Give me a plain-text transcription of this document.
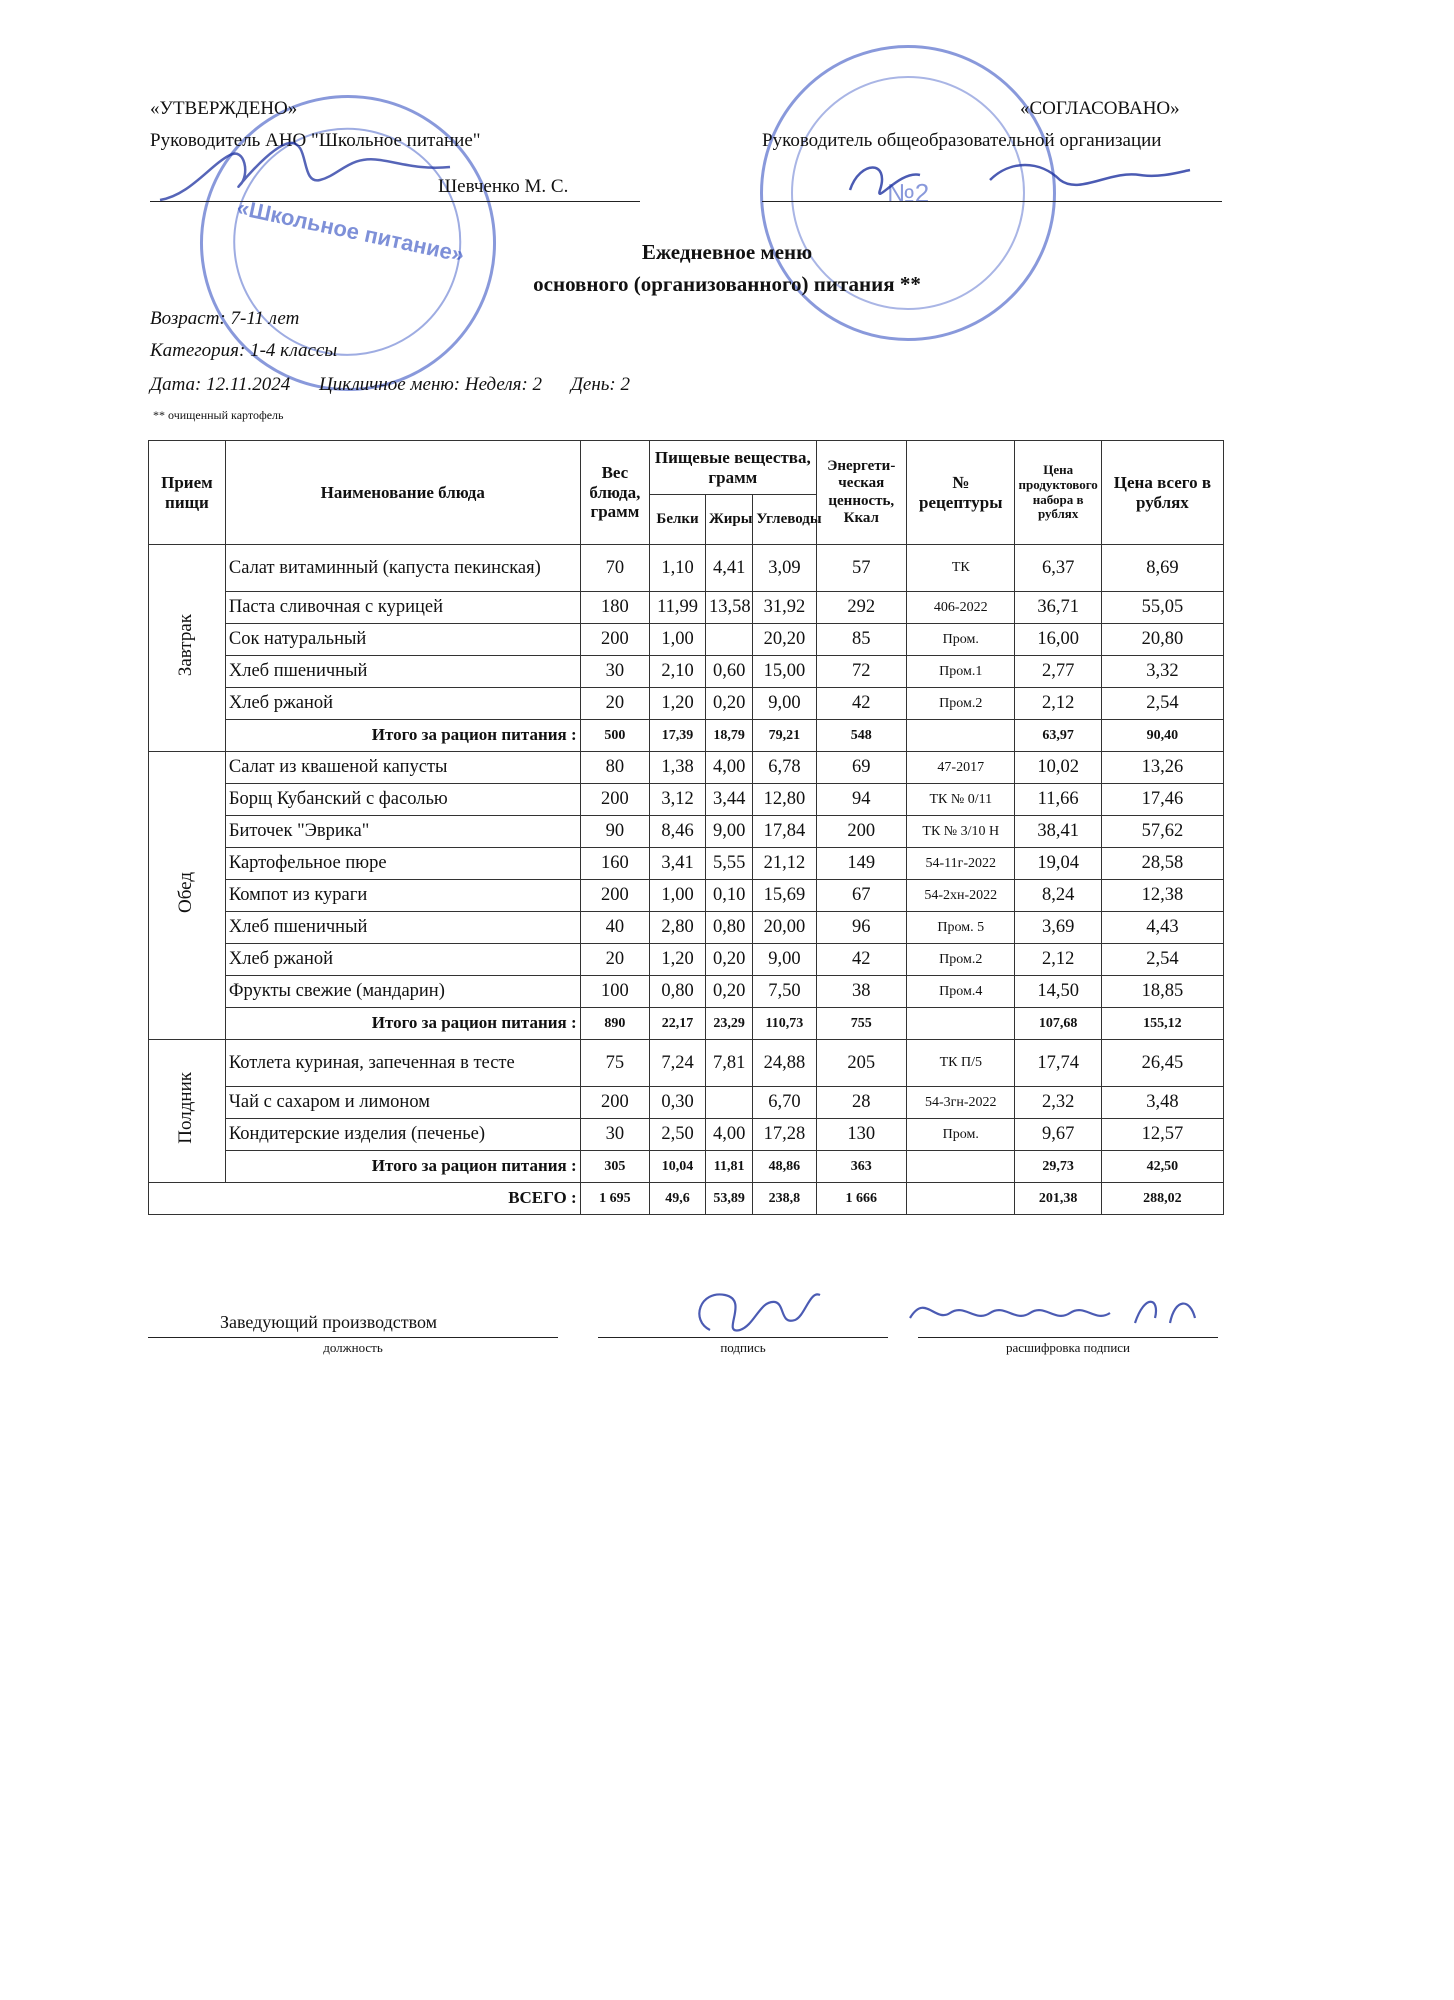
«Школьное питание»
№2
«УТВЕРЖДЕНО»
Руководитель АНО "Школьное питание"
Шевченко М. С.
«СОГЛАСОВАНО»
Руководитель общеобразовательной организации
Ежедневное меню
основного (организованного) питания **
Возраст: 7-11 лет
Категория: 1-4 классы
Дата: 12.11.2024 Цикличное меню: Неделя: 2 День: 2
** очищенный картофель
Прием пищи	Наименование блюда	Вес блюда, грамм	Пищевые вещества, грамм			Энергети- ческая ценность, Ккал	№ рецептуры	Цена продуктового набора в рублях	Цена всего в рублях
			Белки	Жиры	Углеводы				
Завтрак	Салат витаминный (капуста пекинская)	70	1,10	4,41	3,09	57	ТК	6,37	8,69
	Паста сливочная с курицей	180	11,99	13,58	31,92	292	406-2022	36,71	55,05
	Сок натуральный	200	1,00		20,20	85	Пром.	16,00	20,80
	Хлеб пшеничный	30	2,10	0,60	15,00	72	Пром.1	2,77	3,32
	Хлеб ржаной	20	1,20	0,20	9,00	42	Пром.2	2,12	2,54
	Итого за рацион питания :	500	17,39	18,79	79,21	548		63,97	90,40
Обед	Салат из квашеной капусты	80	1,38	4,00	6,78	69	47-2017	10,02	13,26
	Борщ Кубанский с фасолью	200	3,12	3,44	12,80	94	ТК № 0/11	11,66	17,46
	Биточек "Эврика"	90	8,46	9,00	17,84	200	ТК № 3/10 Н	38,41	57,62
	Картофельное пюре	160	3,41	5,55	21,12	149	54-11г-2022	19,04	28,58
	Компот из кураги	200	1,00	0,10	15,69	67	54-2хн-2022	8,24	12,38
	Хлеб пшеничный	40	2,80	0,80	20,00	96	Пром. 5	3,69	4,43
	Хлеб ржаной	20	1,20	0,20	9,00	42	Пром.2	2,12	2,54
	Фрукты свежие (мандарин)	100	0,80	0,20	7,50	38	Пром.4	14,50	18,85
	Итого за рацион питания :	890	22,17	23,29	110,73	755		107,68	155,12
Полдник	Котлета куриная, запеченная в тесте	75	7,24	7,81	24,88	205	ТК П/5	17,74	26,45
	Чай с сахаром и лимоном	200	0,30		6,70	28	54-3гн-2022	2,32	3,48
	Кондитерские изделия (печенье)	30	2,50	4,00	17,28	130	Пром.	9,67	12,57
	Итого за рацион питания :	305	10,04	11,81	48,86	363		29,73	42,50
ВСЕГО :		1 695	49,6	53,89	238,8	1 666		201,38	288,02
Заведующий производством
должность	подпись	расшифровка подписи
